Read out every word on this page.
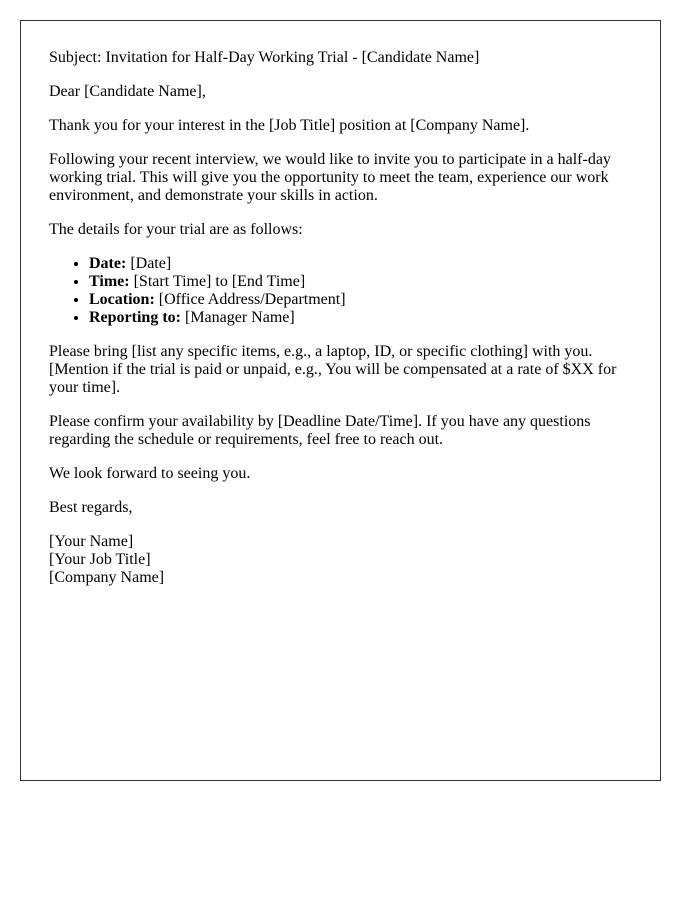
Subject: Invitation for Half-Day Working Trial - [Candidate Name]

Dear [Candidate Name],

Thank you for your interest in the [Job Title] position at [Company Name].

Following your recent interview, we would like to invite you to participate in a half-day working trial. This will give you the opportunity to meet the team, experience our work environment, and demonstrate your skills in action.

The details for your trial are as follows:

• Date: [Date]
• Time: [Start Time] to [End Time]
• Location: [Office Address/Department]
• Reporting to: [Manager Name]

Please bring [list any specific items, e.g., a laptop, ID, or specific clothing] with you. [Mention if the trial is paid or unpaid, e.g., You will be compensated at a rate of $XX for your time].

Please confirm your availability by [Deadline Date/Time]. If you have any questions regarding the schedule or requirements, feel free to reach out.

We look forward to seeing you.

Best regards,

[Your Name]
[Your Job Title]
[Company Name]
